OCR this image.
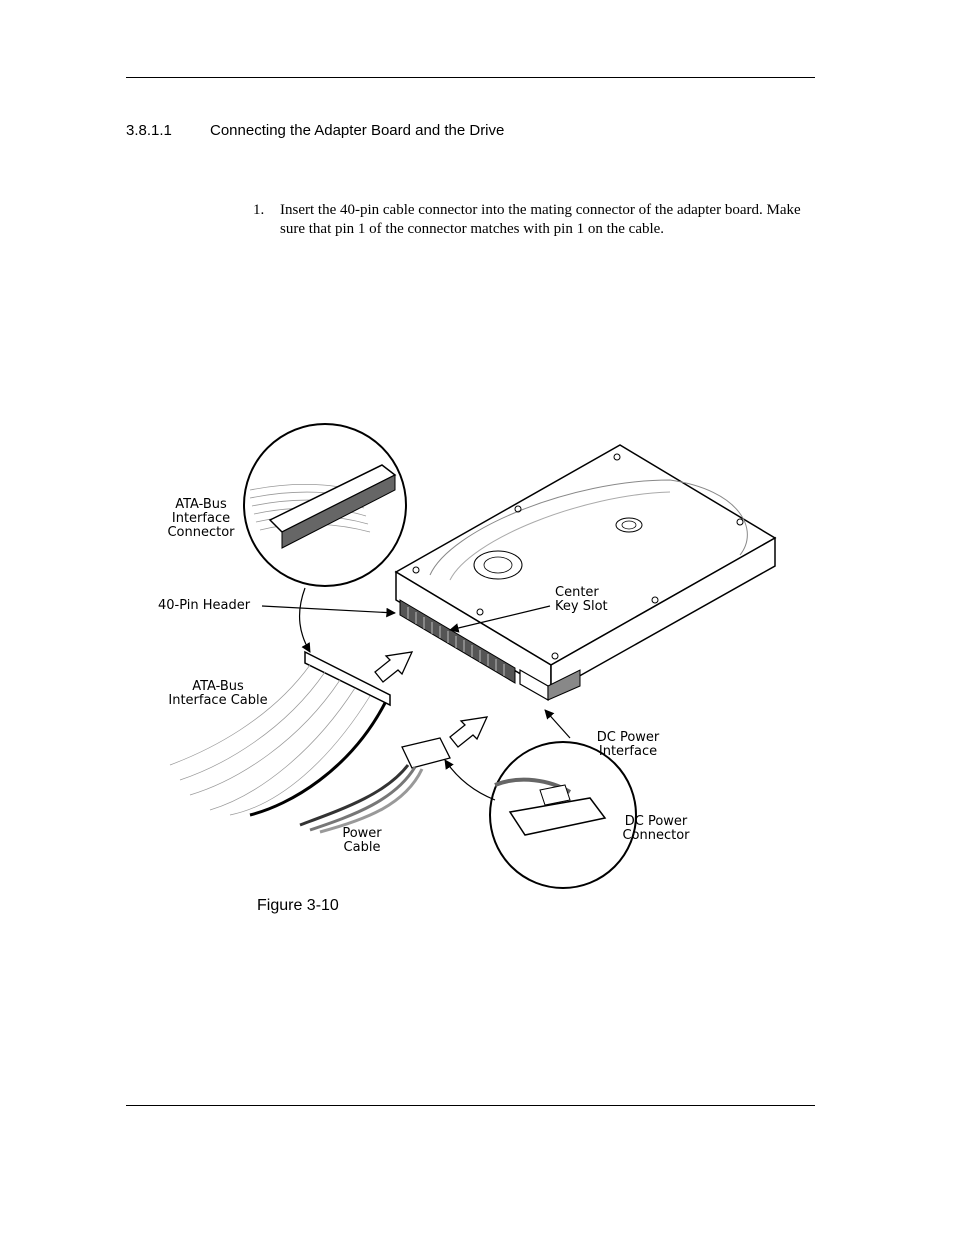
3.8.1.1	Connecting the Adapter Board and the Drive
1. Insert the 40-pin cable connector into the mating connector of the adapter board. Make sure that pin 1 of the connector matches with pin 1 on the cable.
ATA-Bus
Interface
Connector
40-Pin Header
Center
Key Slot
ATA-Bus
Interface Cable
DC Power
Interface
Power
Cable
DC Power
Connector
Figure 3-10
